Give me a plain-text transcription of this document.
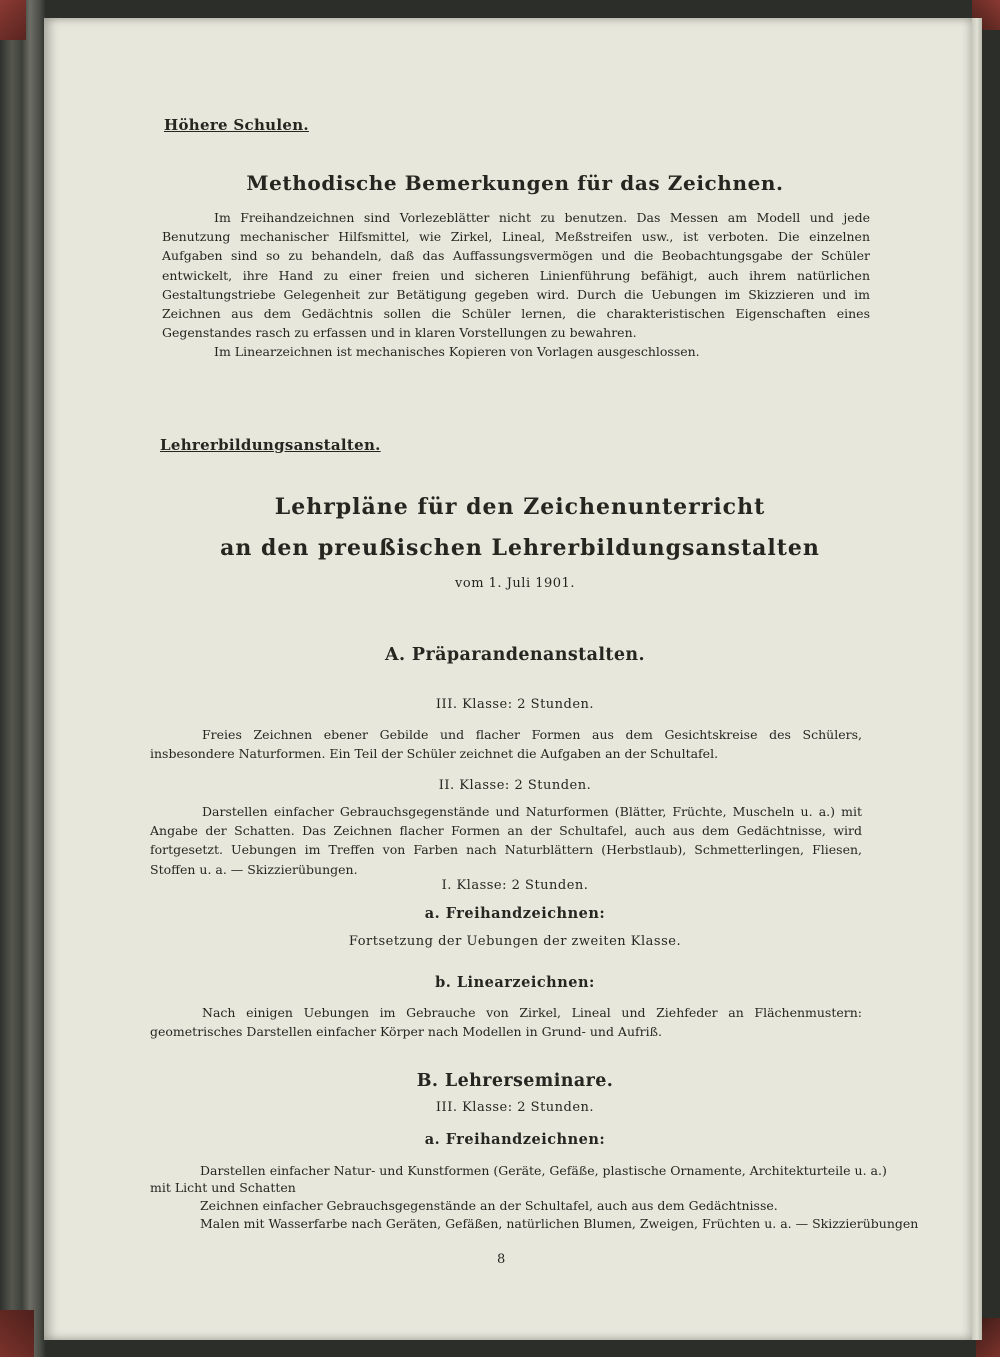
Höhere Schulen.
Methodische Bemerkungen für das Zeichnen.
Im Freihandzeichnen sind Vorlezeblätter nicht zu benutzen. Das Messen am Modell und jede Benutzung mechanischer Hilfsmittel, wie Zirkel, Lineal, Meßstreifen usw., ist verboten. Die einzelnen Aufgaben sind so zu behandeln, daß das Auffassungsvermögen und die Beobachtungsgabe der Schüler entwickelt, ihre Hand zu einer freien und sicheren Linienführung befähigt, auch ihrem natürlichen Gestaltungstriebe Gelegenheit zur Betätigung gegeben wird. Durch die Uebungen im Skizzieren und im Zeichnen aus dem Gedächtnis sollen die Schüler lernen, die charakteristischen Eigenschaften eines Gegenstandes rasch zu erfassen und in klaren Vorstellungen zu bewahren.
Im Linearzeichnen ist mechanisches Kopieren von Vorlagen ausgeschlossen.
Lehrerbildungsanstalten.
Lehrpläne für den Zeichenunterricht
an den preußischen Lehrerbildungsanstalten
vom 1. Juli 1901.
A. Präparandenanstalten.
III. Klasse: 2 Stunden.
Freies Zeichnen ebener Gebilde und flacher Formen aus dem Gesichtskreise des Schülers, insbesondere Naturformen. Ein Teil der Schüler zeichnet die Aufgaben an der Schultafel.
II. Klasse: 2 Stunden.
Darstellen einfacher Gebrauchsgegenstände und Naturformen (Blätter, Früchte, Muscheln u. a.) mit Angabe der Schatten. Das Zeichnen flacher Formen an der Schultafel, auch aus dem Gedächtnisse, wird fortgesetzt. Uebungen im Treffen von Farben nach Naturblättern (Herbstlaub), Schmetterlingen, Fliesen, Stoffen u. a. — Skizzierübungen.
I. Klasse: 2 Stunden.
a. Freihandzeichnen:
Fortsetzung der Uebungen der zweiten Klasse.
b. Linearzeichnen:
Nach einigen Uebungen im Gebrauche von Zirkel, Lineal und Ziehfeder an Flächenmustern: geometrisches Darstellen einfacher Körper nach Modellen in Grund- und Aufriß.
B. Lehrerseminare.
III. Klasse: 2 Stunden.
a. Freihandzeichnen:
Darstellen einfacher Natur- und Kunstformen (Geräte, Gefäße, plastische Ornamente, Architekturteile u. a.)
mit Licht und Schatten
Zeichnen einfacher Gebrauchsgegenstände an der Schultafel, auch aus dem Gedächtnisse.
Malen mit Wasserfarbe nach Geräten, Gefäßen, natürlichen Blumen, Zweigen, Früchten u. a. — Skizzierübungen
8
